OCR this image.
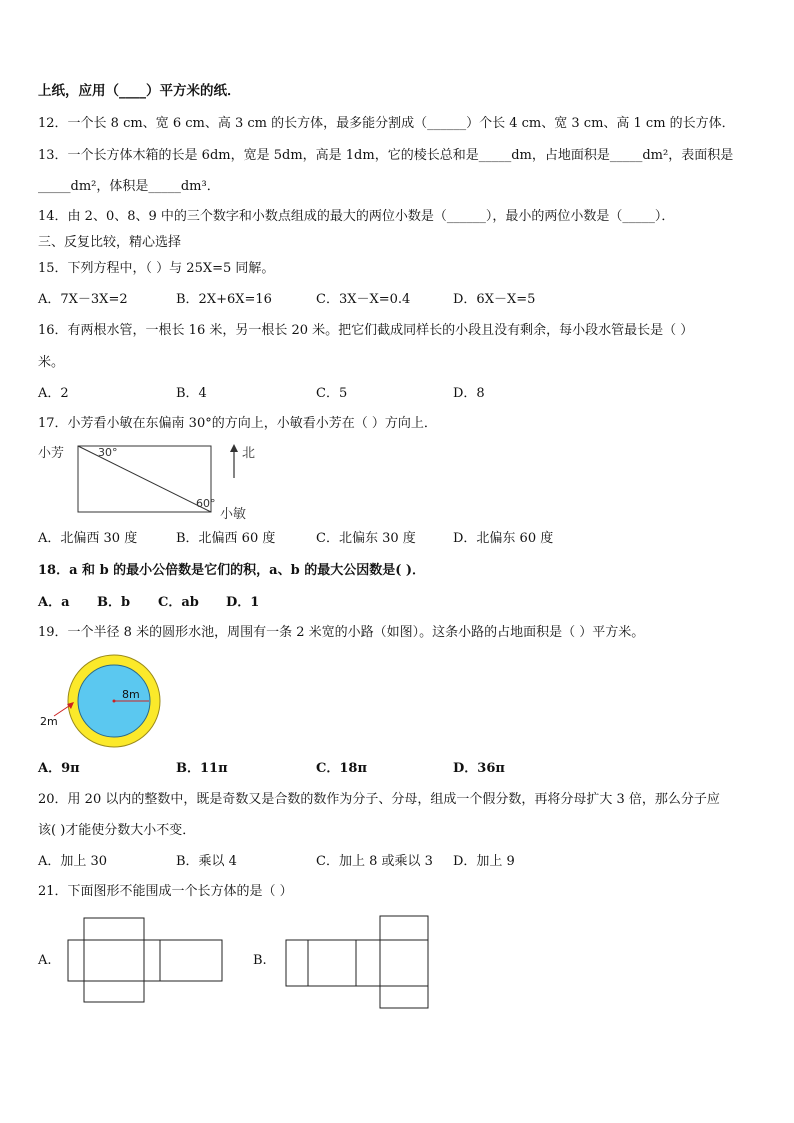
上纸，应用（____）平方米的纸．
12．一个长 8 cm、宽 6 cm、高 3 cm 的长方体，最多能分割成（______）个长 4 cm、宽 3 cm、高 1 cm 的长方体．
13．一个长方体木箱的长是 6dm，宽是 5dm，高是 1dm，它的棱长总和是_____dm，占地面积是_____dm²，表面积是
_____dm²，体积是_____dm³．
14．由 2、0、8、9 中的三个数字和小数点组成的最大的两位小数是（______），最小的两位小数是（_____）．
三、反复比较，精心选择
15．下列方程中，（ ）与 25X=5 同解。
A．7X－3X=2	B．2X+6X=16	C．3X－X=0.4	D．6X－X=5
16．有两根水管，一根长 16 米，另一根长 20 米。把它们截成同样长的小段且没有剩余，每小段水管最长是（ ）
米。
A．2	B．4	C．5	D．8
17．小芳看小敏在东偏南 30°的方向上，小敏看小芳在（ ）方向上．
小芳	30°
60°
北
小敏
A．北偏西 30 度	B．北偏西 60 度	C．北偏东 30 度	D．北偏东 60 度
18．a 和 b 的最小公倍数是它们的积，a、b 的最大公因数是( )．
A．a B．b C．ab D．1
19．一个半径 8 米的圆形水池，周围有一条 2 米宽的小路（如图）。这条小路的占地面积是（ ）平方米。
8m
2m
A．9π	B．11π	C．18π	D．36π
20．用 20 以内的整数中，既是奇数又是合数的数作为分子、分母，组成一个假分数，再将分母扩大 3 倍，那么分子应
该( )才能使分数大小不变．
A．加上 30	B．乘以 4	C．加上 8 或乘以 3 D．加上 9
21．下面图形不能围成一个长方体的是（ ）
A.	B.
